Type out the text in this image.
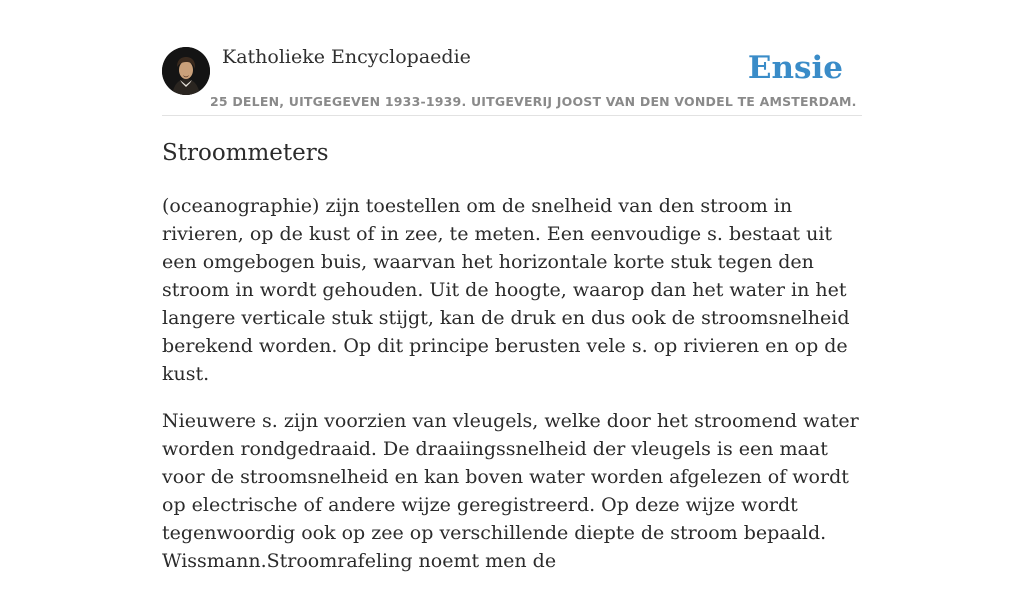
Katholieke Encyclopaedie	Ensie
25 DELEN, UITGEGEVEN 1933-1939. UITGEVERIJ JOOST VAN DEN VONDEL TE AMSTERDAM.
Stroommeters

(oceanographie) zijn toestellen om de snelheid van den stroom in rivieren, op de kust of in zee, te meten. Een eenvoudige s. bestaat uit een omgebogen buis, waarvan het horizontale korte stuk tegen den stroom in wordt gehouden. Uit de hoogte, waarop dan het water in het langere verticale stuk stijgt, kan de druk en dus ook de stroomsnelheid berekend worden. Op dit principe berusten vele s. op rivieren en op de kust.

Nieuwere s. zijn voorzien van vleugels, welke door het stroomend water worden rondgedraaid. De draaiingssnelheid der vleugels is een maat voor de stroomsnelheid en kan boven water worden afgelezen of wordt op electrische of andere wijze geregistreerd. Op deze wijze wordt tegenwoordig ook op zee op verschillende diepte de stroom bepaald. Wissmann.Stroomrafeling noemt men de
